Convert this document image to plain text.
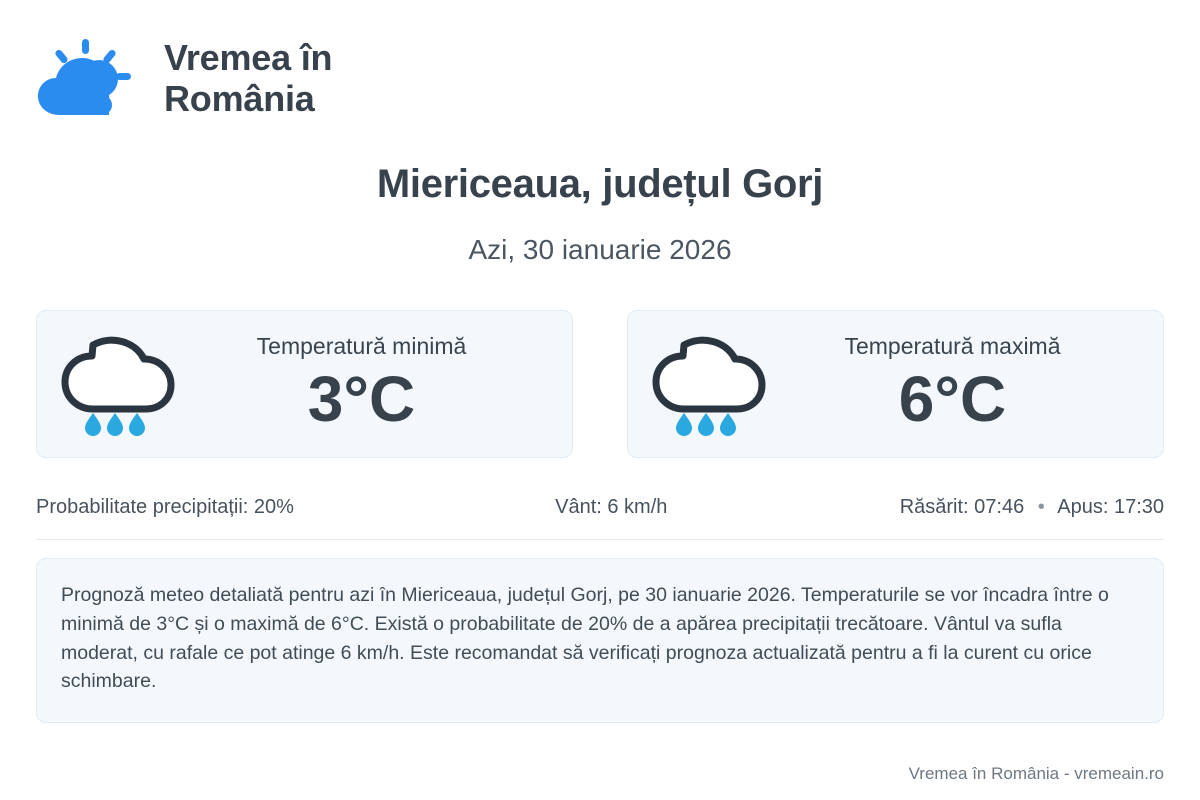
Vremea în
România
Miericeaua, județul Gorj
Azi, 30 ianuarie 2026
Temperatură minimă
3°C
Temperatură maximă
6°C
Probabilitate precipitații: 20%	Vânt: 6 km/h	Răsărit: 07:46 • Apus: 17:30
Prognoză meteo detaliată pentru azi în Miericeaua, județul Gorj, pe 30 ianuarie 2026. Temperaturile se vor încadra între o minimă de 3°C și o maximă de 6°C. Există o probabilitate de 20% de a apărea precipitații trecătoare. Vântul va sufla moderat, cu rafale ce pot atinge 6 km/h. Este recomandat să verificați prognoza actualizată pentru a fi la curent cu orice schimbare.
Vremea în România - vremeain.ro
